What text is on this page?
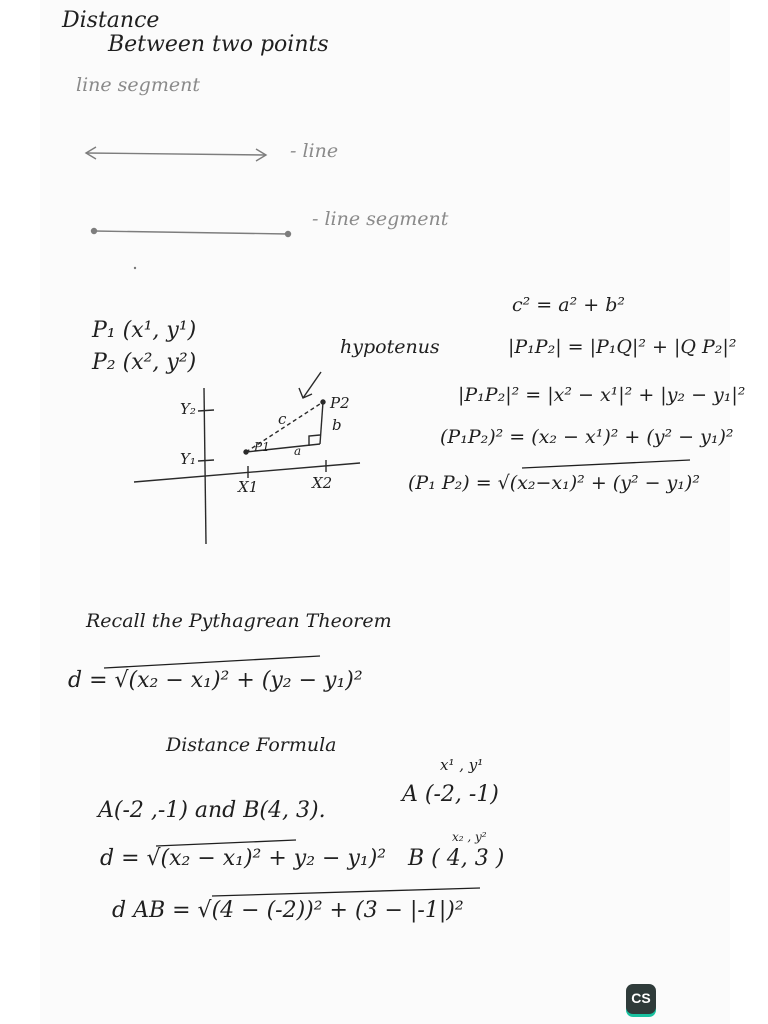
Distance
Between two points
line segment
- line
- line segment
P₁ (x¹, y¹)
P₂ (x², y²)
Y₂
Y₁
X1	X2
P1
P2
a
b
c
hypotenus
c² = a² + b²
|P₁P₂| = |P₁Q|² + |Q P₂|²
|P₁P₂|² = |x² − x¹|² + |y₂ − y₁|²
(P₁P₂)² = (x₂ − x¹)² + (y² − y₁)²
(P₁ P₂) = √(x₂−x₁)² + (y² − y₁)²
Recall the Pythagrean Theorem
d = √(x₂ − x₁)² + (y₂ − y₁)²
Distance Formula
A(-2 ,-1) and B(4, 3).
x¹ , y¹
A (-2, -1)
x₂ , y²
B ( 4, 3 )
d = √(x₂ − x₁)² + y₂ − y₁)²
d AB = √(4 − (-2))² + (3 − |-1|)²
CS
